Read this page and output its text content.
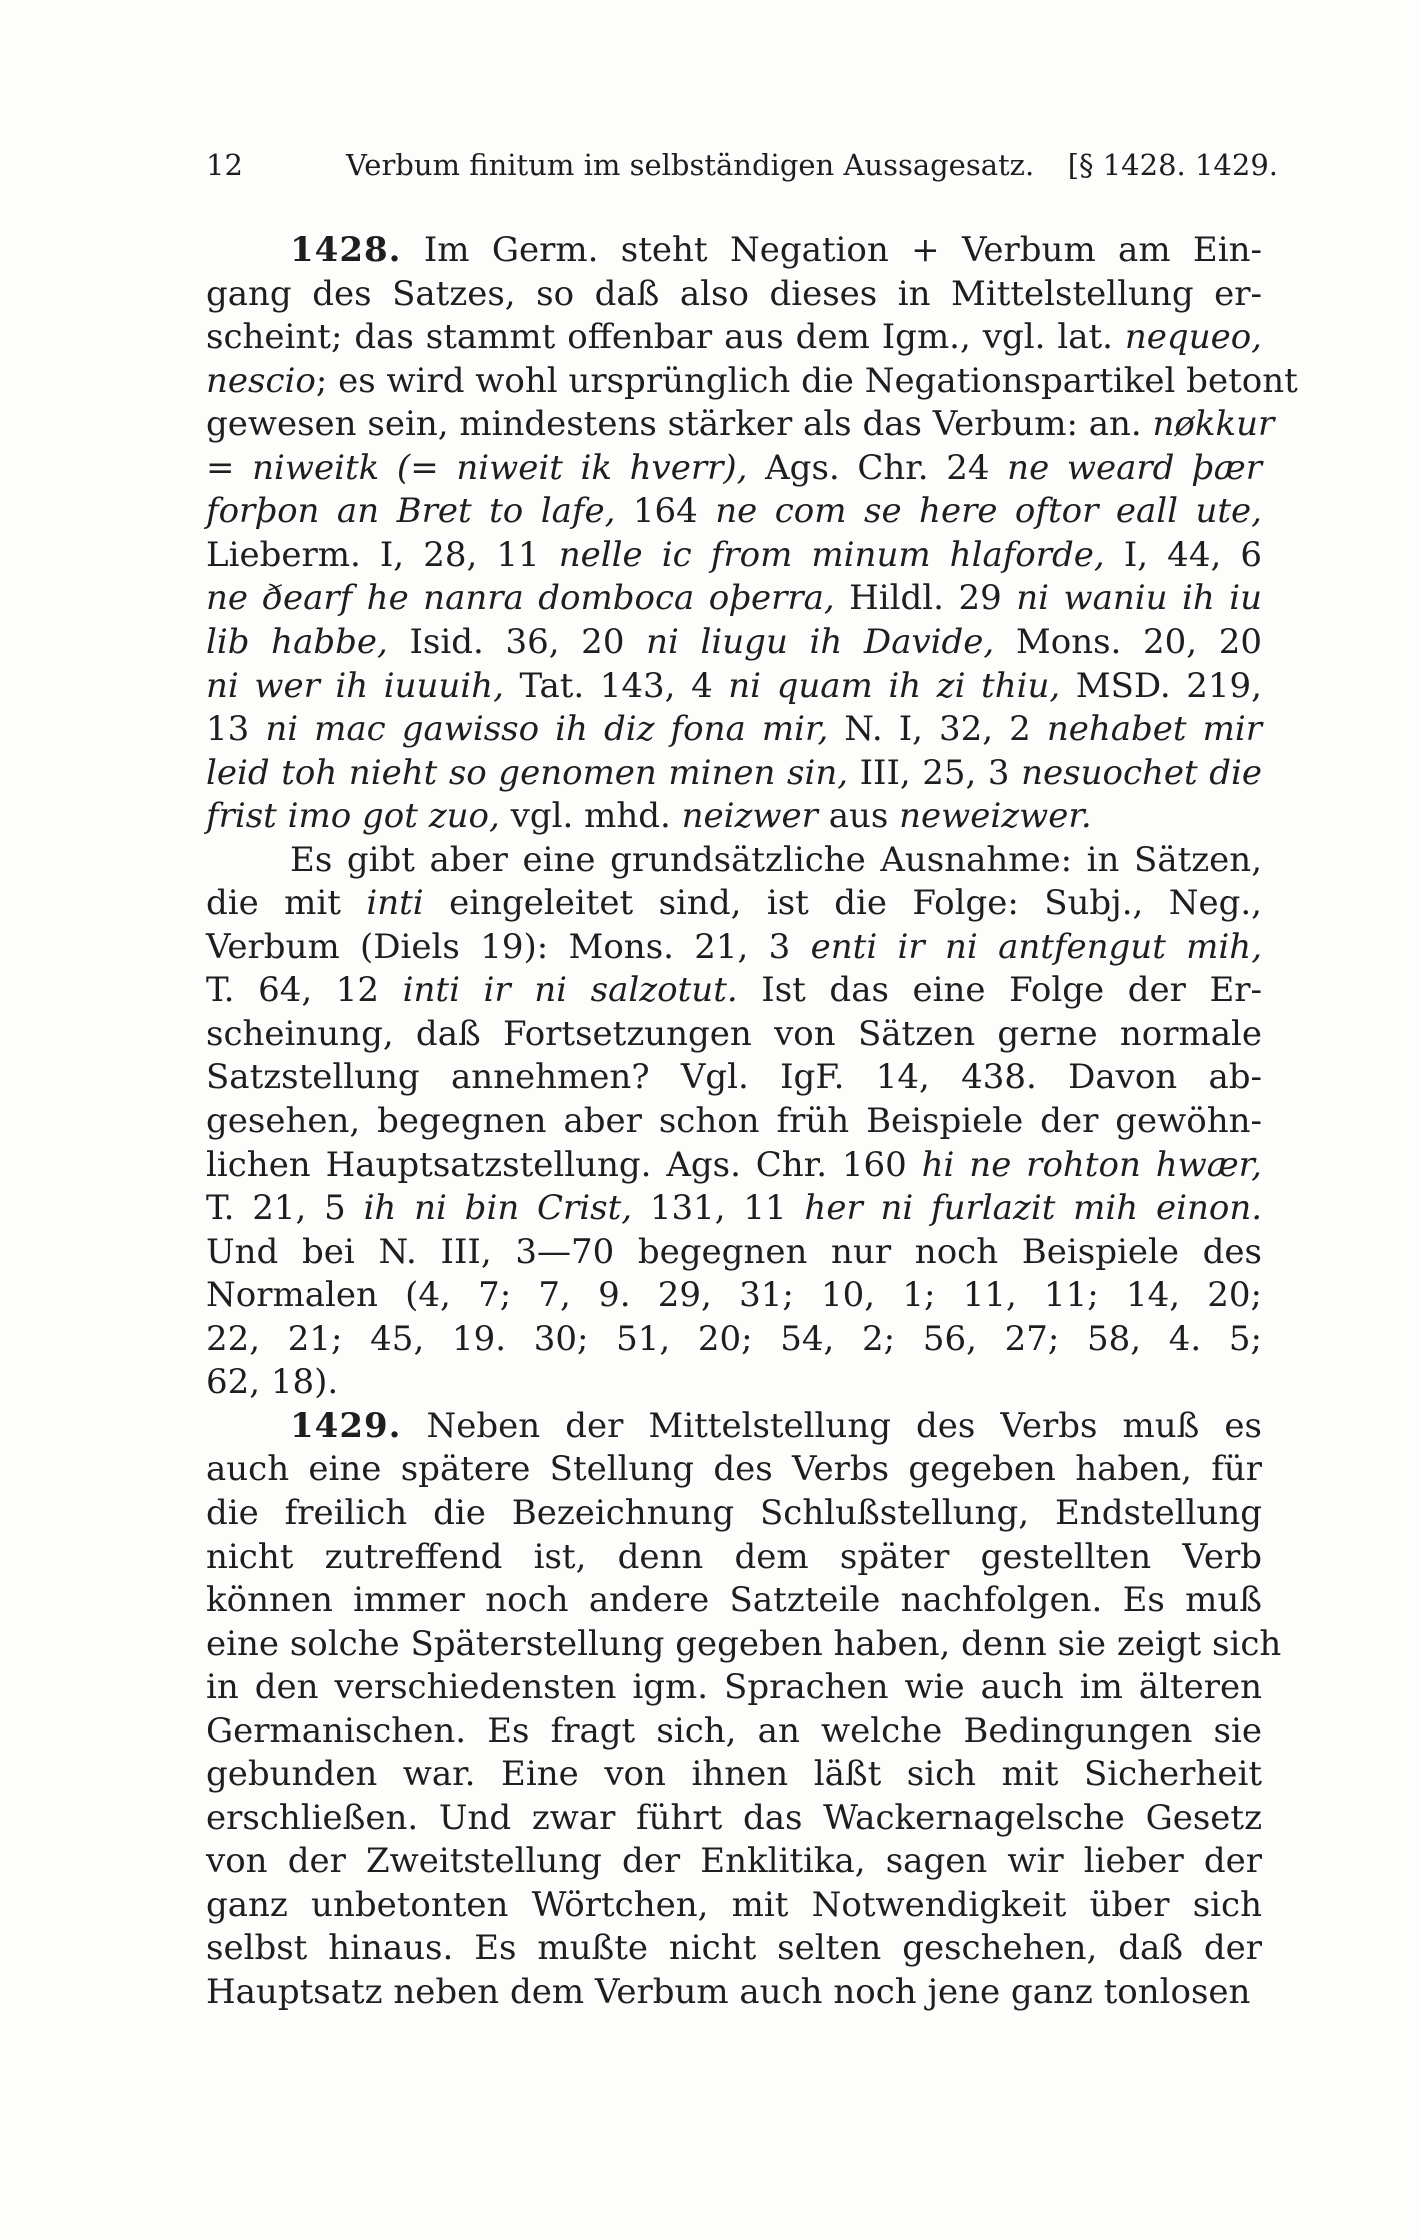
12	Verbum finitum im selbständigen Aussagesatz. [§ 1428. 1429.
1428. Im Germ. steht Negation + Verbum am Ein-
gang des Satzes, so daß also dieses in Mittelstellung er-
scheint; das stammt offenbar aus dem Igm., vgl. lat. nequeo,
nescio; es wird wohl ursprünglich die Negationspartikel betont
gewesen sein, mindestens stärker als das Verbum: an. nøkkur
= niweitk (= niweit ik hverr), Ags. Chr. 24 ne weard þær
forþon an Bret to lafe, 164 ne com se here oftor eall ute,
Lieberm. I, 28, 11 nelle ic from minum hlaforde, I, 44, 6
ne ðearf he nanra domboca oþerra, Hildl. 29 ni waniu ih iu
lib habbe, Isid. 36, 20 ni liugu ih Davide, Mons. 20, 20
ni wer ih iuuuih, Tat. 143, 4 ni quam ih zi thiu, MSD. 219,
13 ni mac gawisso ih diz fona mir, N. I, 32, 2 nehabet mir
leid toh nieht so genomen minen sin, III, 25, 3 nesuochet die
frist imo got zuo, vgl. mhd. neizwer aus neweizwer.
Es gibt aber eine grundsätzliche Ausnahme: in Sätzen,
die mit inti eingeleitet sind, ist die Folge: Subj., Neg.,
Verbum (Diels 19): Mons. 21, 3 enti ir ni antfengut mih,
T. 64, 12 inti ir ni salzotut. Ist das eine Folge der Er-
scheinung, daß Fortsetzungen von Sätzen gerne normale
Satzstellung annehmen? Vgl. IgF. 14, 438. Davon ab-
gesehen, begegnen aber schon früh Beispiele der gewöhn-
lichen Hauptsatzstellung. Ags. Chr. 160 hi ne rohton hwær,
T. 21, 5 ih ni bin Crist, 131, 11 her ni furlazit mih einon.
Und bei N. III, 3—70 begegnen nur noch Beispiele des
Normalen (4, 7; 7, 9. 29, 31; 10, 1; 11, 11; 14, 20;
22, 21; 45, 19. 30; 51, 20; 54, 2; 56, 27; 58, 4. 5;
62, 18).
1429. Neben der Mittelstellung des Verbs muß es
auch eine spätere Stellung des Verbs gegeben haben, für
die freilich die Bezeichnung Schlußstellung, Endstellung
nicht zutreffend ist, denn dem später gestellten Verb
können immer noch andere Satzteile nachfolgen. Es muß
eine solche Späterstellung gegeben haben, denn sie zeigt sich
in den verschiedensten igm. Sprachen wie auch im älteren
Germanischen. Es fragt sich, an welche Bedingungen sie
gebunden war. Eine von ihnen läßt sich mit Sicherheit
erschließen. Und zwar führt das Wackernagelsche Gesetz
von der Zweitstellung der Enklitika, sagen wir lieber der
ganz unbetonten Wörtchen, mit Notwendigkeit über sich
selbst hinaus. Es mußte nicht selten geschehen, daß der
Hauptsatz neben dem Verbum auch noch jene ganz tonlosen
